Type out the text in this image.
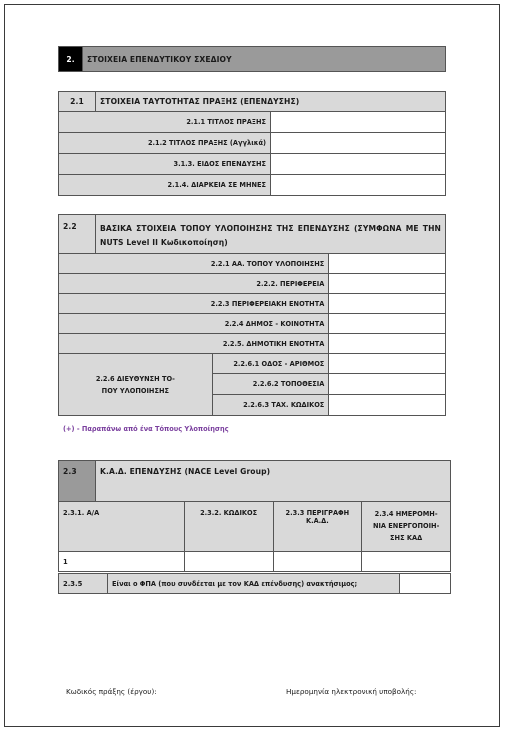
2.	ΣΤΟΙΧΕΙΑ ΕΠΕΝΔΥΤΙΚΟΥ ΣΧΕΔΙΟΥ
2.1	ΣΤΟΙΧΕΙΑ ΤΑΥΤΟΤΗΤΑΣ ΠΡΑΞΗΣ (ΕΠΕΝΔΥΣΗΣ)	
2.1.1 ΤΙΤΛΟΣ ΠΡΑΞΗΣ		
2.1.2 ΤΙΤΛΟΣ ΠΡΑΞΗΣ (Αγγλικά)		
3.1.3. ΕΙΔΟΣ ΕΠΕΝΔΥΣΗΣ		
2.1.4. ΔΙΑΡΚΕΙΑ ΣΕ ΜΗΝΕΣ		
2.2	ΒΑΣΙΚΑ ΣΤΟΙΧΕΙΑ ΤΟΠΟΥ ΥΛΟΠΟΙΗΣΗΣ ΤΗΣ ΕΠΕΝΔΥΣΗΣ (ΣΥΜΦΩΝΑ ΜΕ ΤΗΝ
NUTS Level II Κωδικοποίηση)		

2.2.1 ΑΑ. ΤΟΠΟΥ ΥΛΟΠΟΙΗΣΗΣ			
2.2.2. ΠΕΡΙΦΕΡΕΙΑ			
2.2.3 ΠΕΡΙΦΕΡΕΙΑΚΗ ΕΝΟΤΗΤΑ			
2.2.4 ΔΗΜΟΣ - ΚΟΙΝΟΤΗΤΑ			
2.2.5. ΔΗΜΟΤΙΚΗ ΕΝΟΤΗΤΑ			

2.2.6 ΔΙΕΥΘΥΝΣΗ ΤΟ-
ΠΟΥ ΥΛΟΠΟΙΗΣΗΣ		2.2.6.1 ΟΔΟΣ - ΑΡΙΘΜΟΣ	
		2.2.6.2 ΤΟΠΟΘΕΣΙΑ	
		2.2.6.3 ΤΑΧ. ΚΩΔΙΚΟΣ	
(+) - Παραπάνω από ένα Τόπους Υλοποίησης
2.3	Κ.Α.Δ. ΕΠΕΝΔΥΣΗΣ (NACE Level Group)			
2.3.1. Α/Α		2.3.2. ΚΩΔΙΚΟΣ	2.3.3 ΠΕΡΙΓΡΑΦΗ Κ.Α.Δ.	2.3.4 ΗΜΕΡΟΜΗ-
ΝΙΑ ΕΝΕΡΓΟΠΟΙΗ-
ΣΗΣ ΚΑΔ

1				
2.3.5	Είναι ο ΦΠΑ (που συνδέεται με τον ΚΑΔ επένδυσης) ανακτήσιμος;	
Κωδικός πράξης (έργου):	Ημερομηνία ηλεκτρονική υποβολής:
